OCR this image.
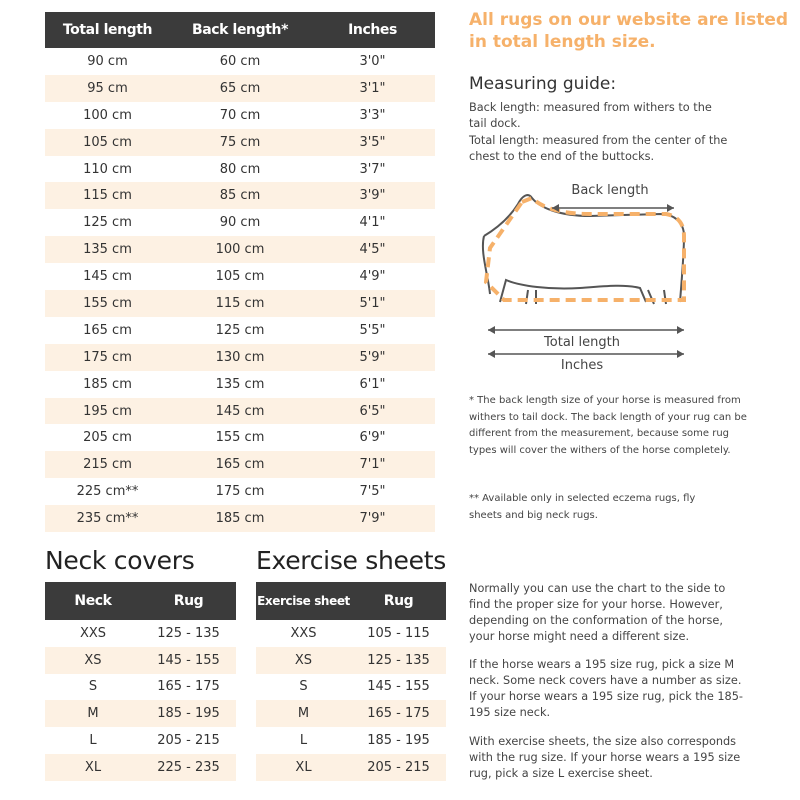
Total length	Back length*	Inches
90 cm	60 cm	3'0"
95 cm	65 cm	3'1"
100 cm	70 cm	3'3"
105 cm	75 cm	3'5"
110 cm	80 cm	3'7"
115 cm	85 cm	3'9"
125 cm	90 cm	4'1"
135 cm	100 cm	4'5"
145 cm	105 cm	4'9"
155 cm	115 cm	5'1"
165 cm	125 cm	5'5"
175 cm	130 cm	5'9"
185 cm	135 cm	6'1"
195 cm	145 cm	6'5"
205 cm	155 cm	6'9"
215 cm	165 cm	7'1"
225 cm**	175 cm	7'5"
235 cm**	185 cm	7'9"
Neck covers
Neck	Rug
XXS	125 - 135
XS	145 - 155
S	165 - 175
M	185 - 195
L	205 - 215
XL	225 - 235
Exercise sheets
Exercise sheet	Rug
XXS	105 - 115
XS	125 - 135
S	145 - 155
M	165 - 175
L	185 - 195
XL	205 - 215
All rugs on our website are listed in total length size.
Measuring guide:
Back length: measured from withers to the tail dock.
Total length: measured from the center of the chest to the end of the buttocks.
Back length
Total length
Inches
* The back length size of your horse is measured from withers to tail dock. The back length of your rug can be different from the measurement, because some rug types will cover the withers of the horse completely.
** Available only in selected eczema rugs, fly sheets and big neck rugs.
Normally you can use the chart to the side to find the proper size for your horse. However, depending on the conformation of the horse, your horse might need a different size.
If the horse wears a 195 size rug, pick a size M neck. Some neck covers have a number as size. If your horse wears a 195 size rug, pick the 185-195 size neck.
With exercise sheets, the size also corresponds with the rug size. If your horse wears a 195 size rug, pick a size L exercise sheet.
